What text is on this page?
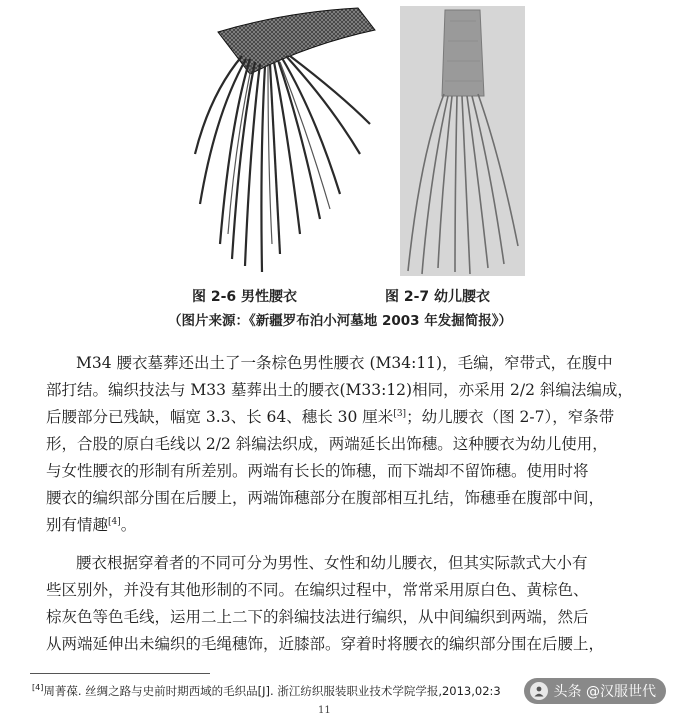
图 2-6 男性腰衣	图 2-7 幼儿腰衣
（图片来源：《新疆罗布泊小河墓地 2003 年发掘简报》）

M34 腰衣墓葬还出土了一条棕色男性腰衣 (M34:11)，毛编，窄带式，在腹中
部打结。编织技法与 M33 墓葬出土的腰衣(M33:12)相同，亦采用 2/2 斜编法编成，
后腰部分已残缺，幅宽 3.3、长 64、穗长 30 厘米[3]；幼儿腰衣（图 2-7），窄条带
形，合股的原白毛线以 2/2 斜编法织成，两端延长出饰穗。这种腰衣为幼儿使用，
与女性腰衣的形制有所差别。两端有长长的饰穗，而下端却不留饰穗。使用时将
腰衣的编织部分围在后腰上，两端饰穗部分在腹部相互扎结，饰穗垂在腹部中间，
别有情趣[4]。

腰衣根据穿着者的不同可分为男性、女性和幼儿腰衣，但其实际款式大小有
些区别外，并没有其他形制的不同。在编织过程中，常常采用原白色、黄棕色、
棕灰色等色毛线，运用二上二下的斜编技法进行编织，从中间编织到两端，然后
从两端延伸出未编织的毛绳穗饰，近膝部。穿着时将腰衣的编织部分围在后腰上，

[4]周菁葆. 丝绸之路与史前时期西域的毛织品[J]. 浙江纺织服装职业技术学院学报,2013,02:3
11
头条 @汉服世代
